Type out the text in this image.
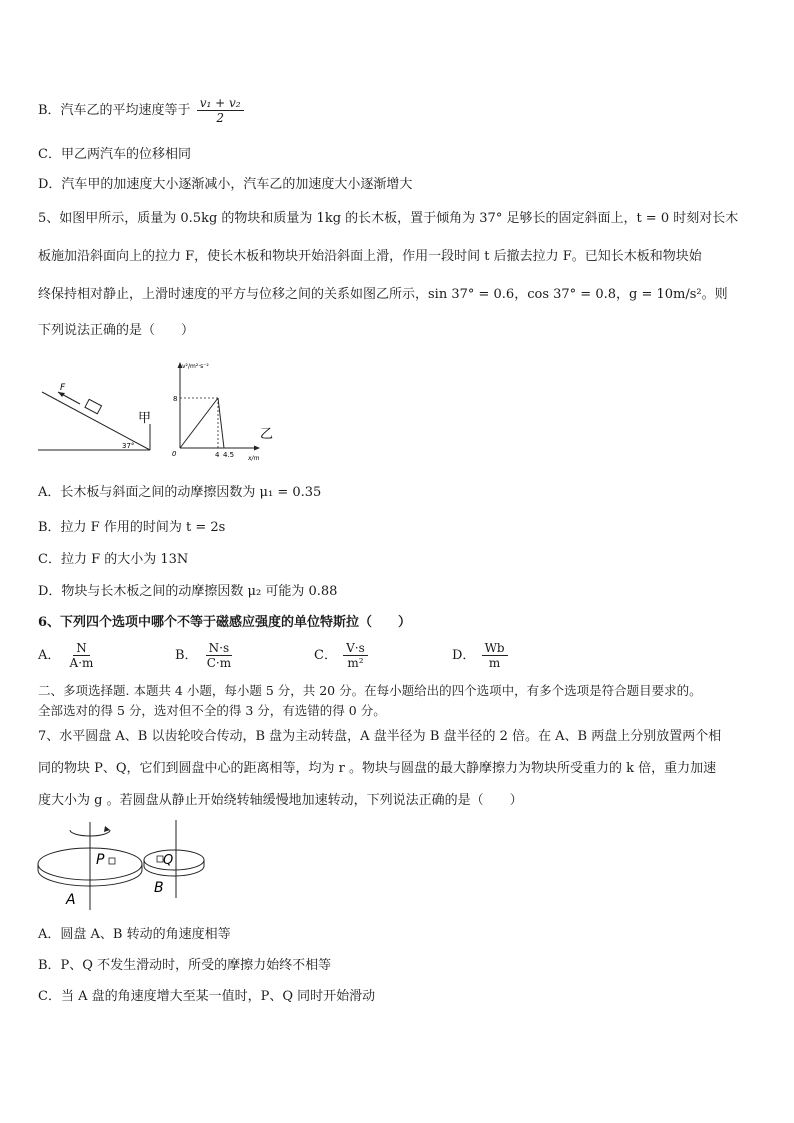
B．汽车乙的平均速度等于 $\frac{\text{v₁ + v₂}}{2}$
C．甲乙两汽车的位移相同
D．汽车甲的加速度大小逐渐减小，汽车乙的加速度大小逐渐增大
5、如图甲所示，质量为 0.5kg 的物块和质量为 1kg 的长木板，置于倾角为 37° 足够长的固定斜面上，t = 0 时刻对长木
板施加沿斜面向上的拉力 F，使长木板和物块开始沿斜面上滑，作用一段时间 t 后撤去拉力 F。已知长木板和物块始
终保持相对静止，上滑时速度的平方与位移之间的关系如图乙所示，sin 37° = 0.6，cos 37° = 0.8，g = 10m/s²。则
下列说法正确的是（　　）
F
37°
甲
v²/m²·s⁻²
8
0	4 4.5 x/m
乙
A．长木板与斜面之间的动摩擦因数为 μ₁ = 0.35
B．拉力 F 作用的时间为 t = 2s
C．拉力 F 的大小为 13N
D．物块与长木板之间的动摩擦因数 μ₂ 可能为 0.88
6、下列四个选项中哪个不等于磁感应强度的单位特斯拉（　　）
A． $\frac{N}{A\cdot m}$	B． $\frac{N\cdot s}{C\cdot m}$	C． $\frac{V\cdot s}{\text{m²}}$	D． $\frac{Wb}{m}$
二、多项选择题. 本题共 4 小题，每小题 5 分，共 20 分。在每小题给出的四个选项中，有多个选项是符合题目要求的。
全部选对的得 5 分，选对但不全的得 3 分，有选错的得 0 分。
7、水平圆盘 A、B 以齿轮咬合传动，B 盘为主动转盘，A 盘半径为 B 盘半径的 2 倍。在 A、B 两盘上分别放置两个相
同的物块 P、Q，它们到圆盘中心的距离相等，均为 r 。物块与圆盘的最大静摩擦力为物块所受重力的 k 倍，重力加速
度大小为 g 。若圆盘从静止开始绕转轴缓慢地加速转动，下列说法正确的是（　　）
P	Q
A
B
A．圆盘 A、B 转动的角速度相等
B．P、Q 不发生滑动时，所受的摩擦力始终不相等
C．当 A 盘的角速度增大至某一值时，P、Q 同时开始滑动
